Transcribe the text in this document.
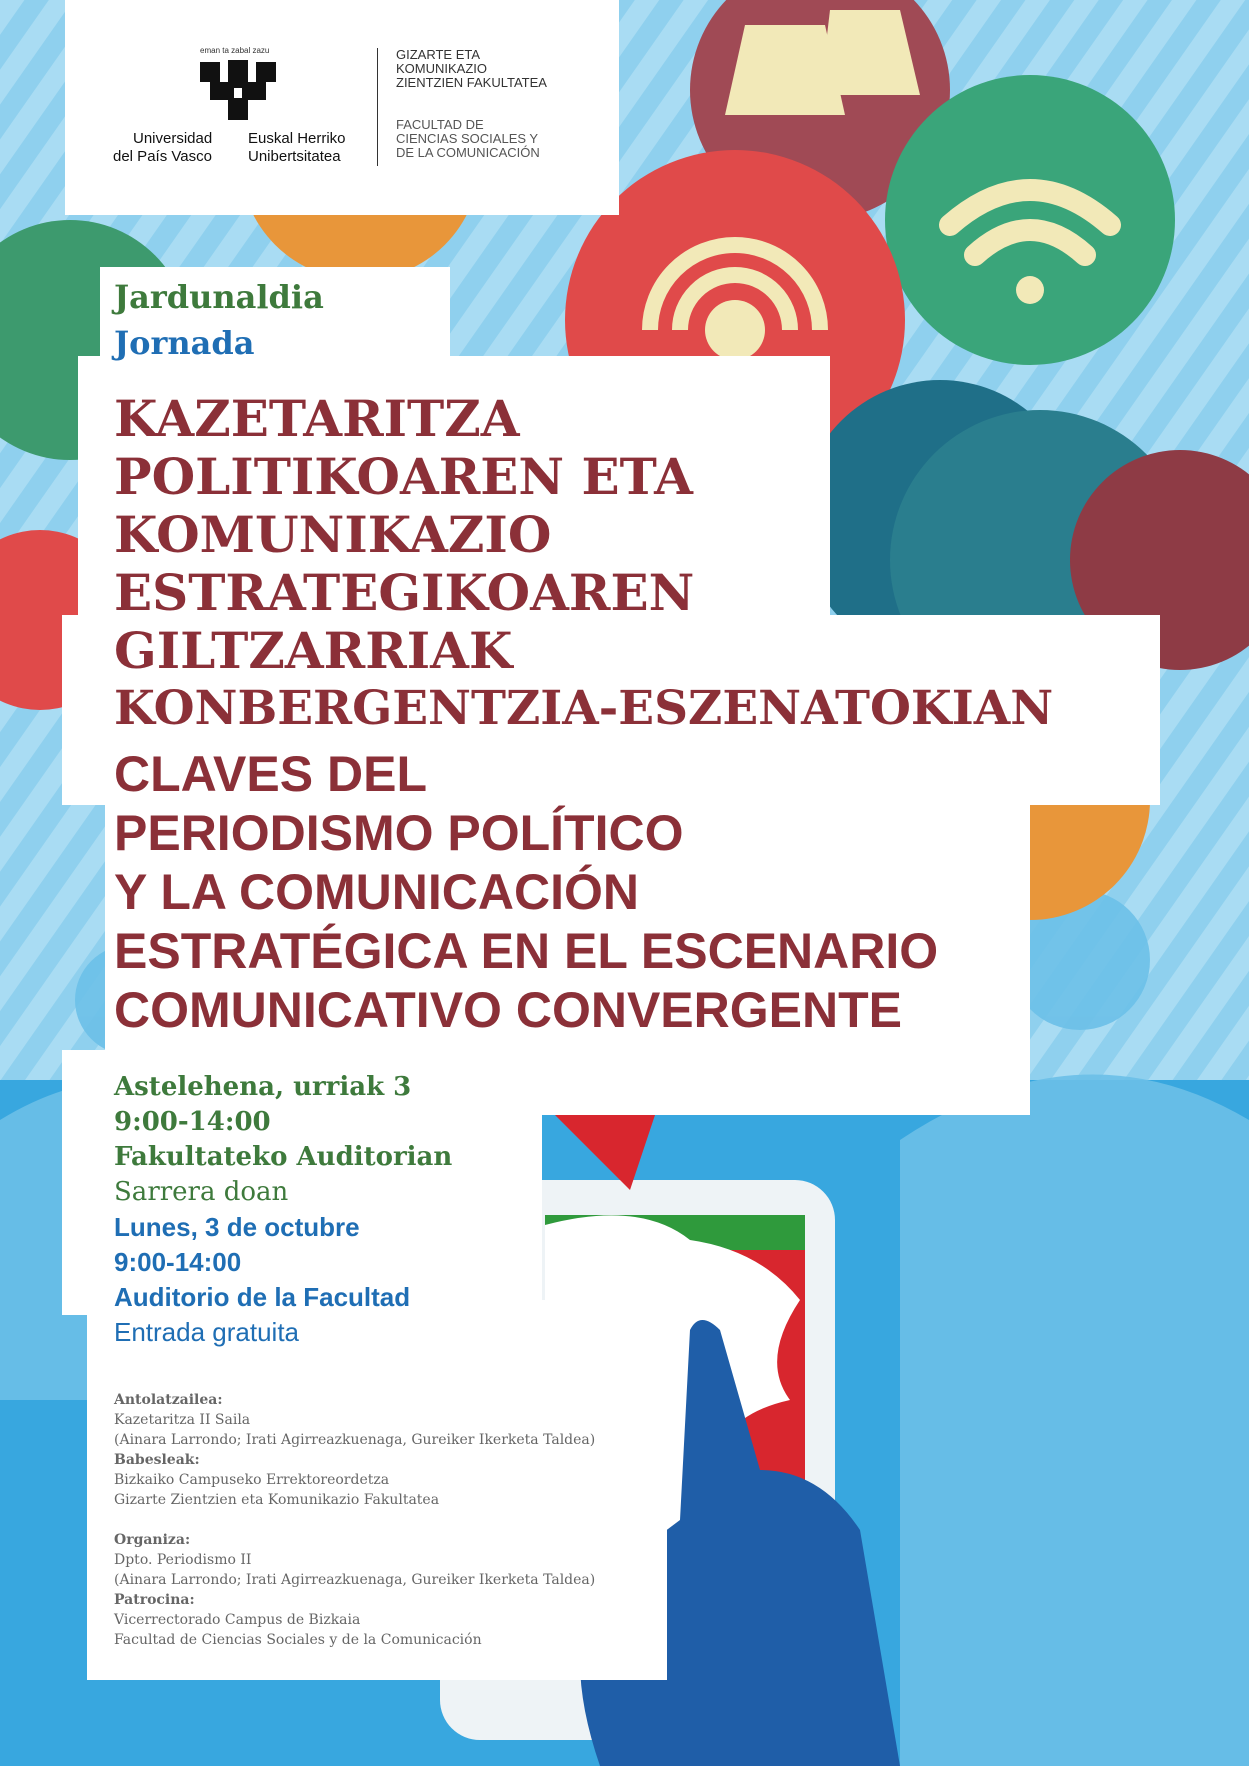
eman ta zabal zazu
Universidad
del País Vasco
Euskal Herriko
Unibertsitatea
GIZARTE ETA
KOMUNIKAZIO
ZIENTZIEN FAKULTATEA
FACULTAD DE
CIENCIAS SOCIALES Y
DE LA COMUNICACIÓN
Jardunaldia
Jornada
KAZETARITZA
POLITIKOAREN ETA
KOMUNIKAZIO
ESTRATEGIKOAREN
GILTZARRIAK
KONBERGENTZIA-ESZENATOKIAN
CLAVES DEL
PERIODISMO POLÍTICO
Y LA COMUNICACIÓN
ESTRATÉGICA EN EL ESCENARIO
COMUNICATIVO CONVERGENTE
Astelehena, urriak 3
9:00-14:00
Fakultateko Auditorian
Sarrera doan
Lunes, 3 de octubre
9:00-14:00
Auditorio de la Facultad
Entrada gratuita
Antolatzailea:
Kazetaritza II Saila
(Ainara Larrondo; Irati Agirreazkuenaga, Gureiker Ikerketa Taldea)
Babesleak:
Bizkaiko Campuseko Errektoreordetza
Gizarte Zientzien eta Komunikazio Fakultatea
Organiza:
Dpto. Periodismo II
(Ainara Larrondo; Irati Agirreazkuenaga, Gureiker Ikerketa Taldea)
Patrocina:
Vicerrectorado Campus de Bizkaia
Facultad de Ciencias Sociales y de la Comunicación
